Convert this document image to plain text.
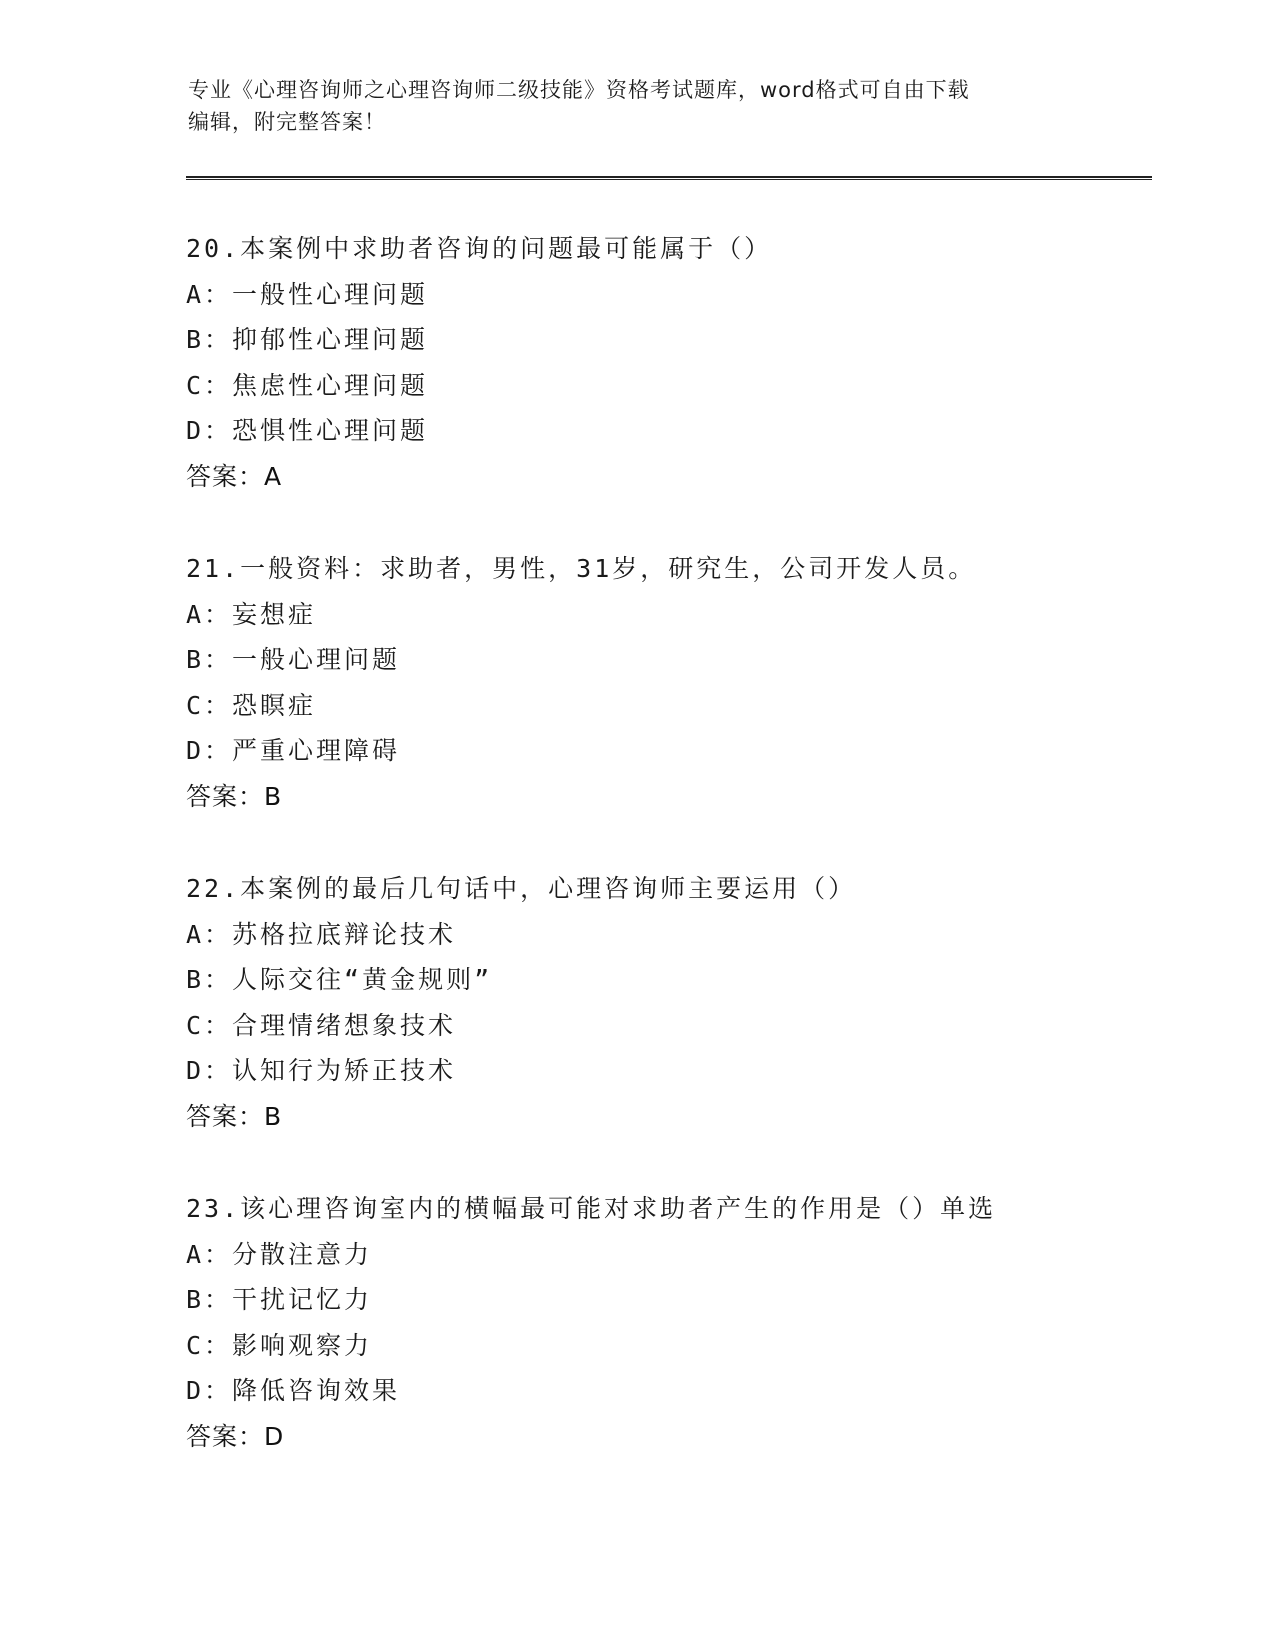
专业《心理咨询师之心理咨询师二级技能》资格考试题库，word格式可自由下载
编辑，附完整答案！
20.本案例中求助者咨询的问题最可能属于（）
A：一般性心理问题
B：抑郁性心理问题
C：焦虑性心理问题
D：恐惧性心理问题
答案：A
21.一般资料：求助者，男性，31岁，研究生，公司开发人员。
A：妄想症
B：一般心理问题
C：恐瞑症
D：严重心理障碍
答案：B
22.本案例的最后几句话中，心理咨询师主要运用（）
A：苏格拉底辩论技术
B：人际交往“黄金规则”
C：合理情绪想象技术
D：认知行为矫正技术
答案：B
23.该心理咨询室内的横幅最可能对求助者产生的作用是（）单选
A：分散注意力
B：干扰记忆力
C：影响观察力
D：降低咨询效果
答案：D
